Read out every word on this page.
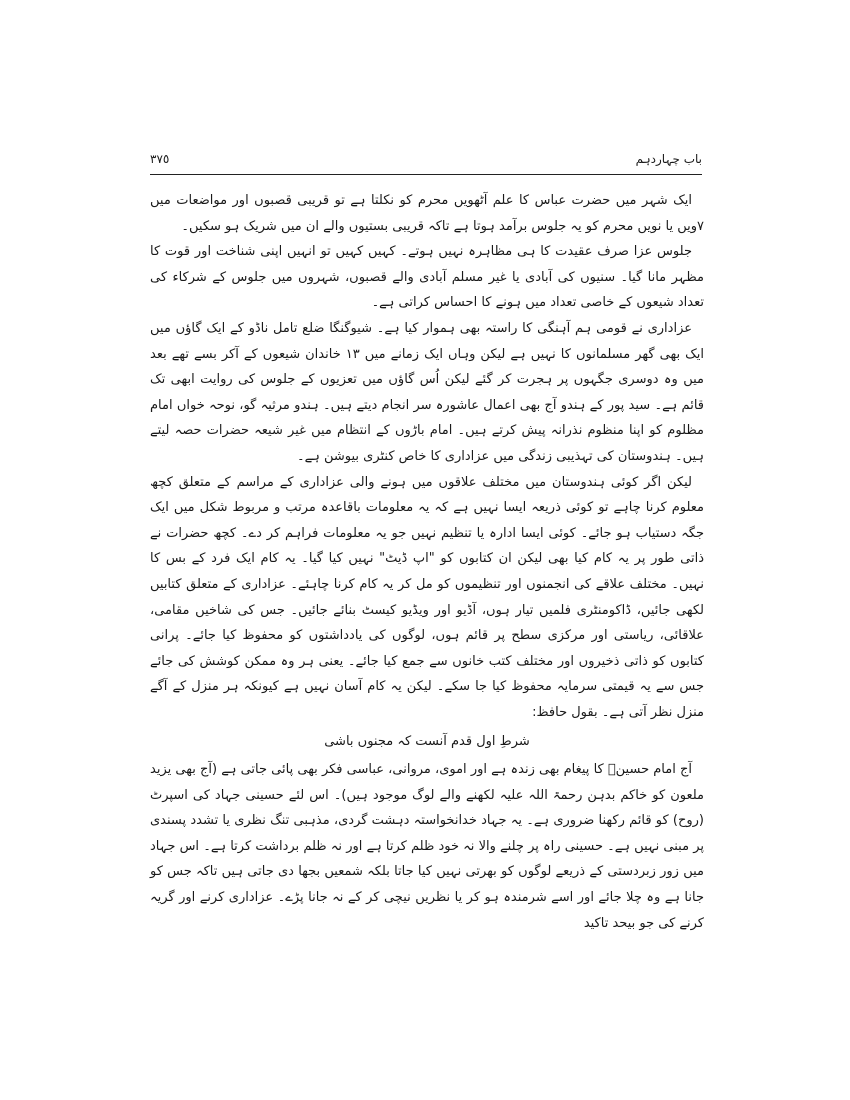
باب چہاردہم
٣٧٥

ایک شہر میں حضرت عباس کا علم آٹھویں محرم کو نکلتا ہے تو قریبی قصبوں اور مواضعات میں ۷ویں یا نویں محرم کو یہ جلوس برآمد ہوتا ہے تاکہ قریبی بستیوں والے ان میں شریک ہو سکیں۔

جلوس عزا صرف عقیدت کا ہی مظاہرہ نہیں ہوتے۔ کہیں کہیں تو انہیں اپنی شناخت اور قوت کا مظہر مانا گیا۔ سنیوں کی آبادی یا غیر مسلم آبادی والے قصبوں، شہروں میں جلوس کے شرکاء کی تعداد شیعوں کے خاصی تعداد میں ہونے کا احساس کراتی ہے۔

عزاداری نے قومی ہم آہنگی کا راستہ بھی ہموار کیا ہے۔ شیوگنگا ضلع تامل ناڈو کے ایک گاؤں میں ایک بھی گھر مسلمانوں کا نہیں ہے لیکن وہاں ایک زمانے میں ۱۳ خاندان شیعوں کے آکر بسے تھے بعد میں وہ دوسری جگہوں پر ہجرت کر گئے لیکن اُس گاؤں میں تعزیوں کے جلوس کی روایت ابھی تک قائم ہے۔ سید پور کے ہندو آج بھی اعمال عاشورہ سر انجام دیتے ہیں۔ ہندو مرثیہ گو، نوحہ خواں امام مظلوم کو اپنا منظوم نذرانہ پیش کرتے ہیں۔ امام باڑوں کے انتظام میں غیر شیعہ حضرات حصہ لیتے ہیں۔ ہندوستان کی تہذیبی زندگی میں عزاداری کا خاص کنٹری بیوشن ہے۔

لیکن اگر کوئی ہندوستان میں مختلف علاقوں میں ہونے والی عزاداری کے مراسم کے متعلق کچھ معلوم کرنا چاہے تو کوئی ذریعہ ایسا نہیں ہے کہ یہ معلومات باقاعدہ مرتب و مربوط شکل میں ایک جگہ دستیاب ہو جائے۔ کوئی ایسا ادارہ یا تنظیم نہیں جو یہ معلومات فراہم کر دے۔ کچھ حضرات نے ذاتی طور پر یہ کام کیا بھی لیکن ان کتابوں کو "اپ ڈیٹ" نہیں کیا گیا۔ یہ کام ایک فرد کے بس کا نہیں۔ مختلف علاقے کی انجمنوں اور تنظیموں کو مل کر یہ کام کرنا چاہئے۔ عزاداری کے متعلق کتابیں لکھی جائیں، ڈاکومنٹری فلمیں تیار ہوں، آڈیو اور ویڈیو کیسٹ بنائے جائیں۔ جس کی شاخیں مقامی، علاقائی، ریاستی اور مرکزی سطح پر قائم ہوں، لوگوں کی یادداشتوں کو محفوظ کیا جائے۔ پرانی کتابوں کو ذاتی ذخیروں اور مختلف کتب خانوں سے جمع کیا جائے۔ یعنی ہر وہ ممکن کوشش کی جائے جس سے یہ قیمتی سرمایہ محفوظ کیا جا سکے۔ لیکن یہ کام آسان نہیں ہے کیونکہ ہر منزل کے آگے منزل نظر آتی ہے۔ بقول حافظ:

شرطِ اول قدم آنست کہ مجنوں باشی

آج امام حسینؑ کا پیغام بھی زندہ ہے اور اموی، مروانی، عباسی فکر بھی پائی جاتی ہے (آج بھی یزید ملعون کو خاکم بدہن رحمۃ اللہ علیہ لکھنے والے لوگ موجود ہیں)۔ اس لئے حسینی جہاد کی اسپرٹ (روح) کو قائم رکھنا ضروری ہے۔ یہ جہاد خدانخواستہ دہشت گردی، مذہبی تنگ نظری یا تشدد پسندی پر مبنی نہیں ہے۔ حسینی راہ پر چلنے والا نہ خود ظلم کرتا ہے اور نہ ظلم برداشت کرتا ہے۔ اس جہاد میں زور زبردستی کے ذریعے لوگوں کو بھرتی نہیں کیا جاتا بلکہ شمعیں بجھا دی جاتی ہیں تاکہ جس کو جانا ہے وہ چلا جائے اور اسے شرمندہ ہو کر یا نظریں نیچی کر کے نہ جانا پڑے۔ عزاداری کرنے اور گریہ کرنے کی جو بیحد تاکید
